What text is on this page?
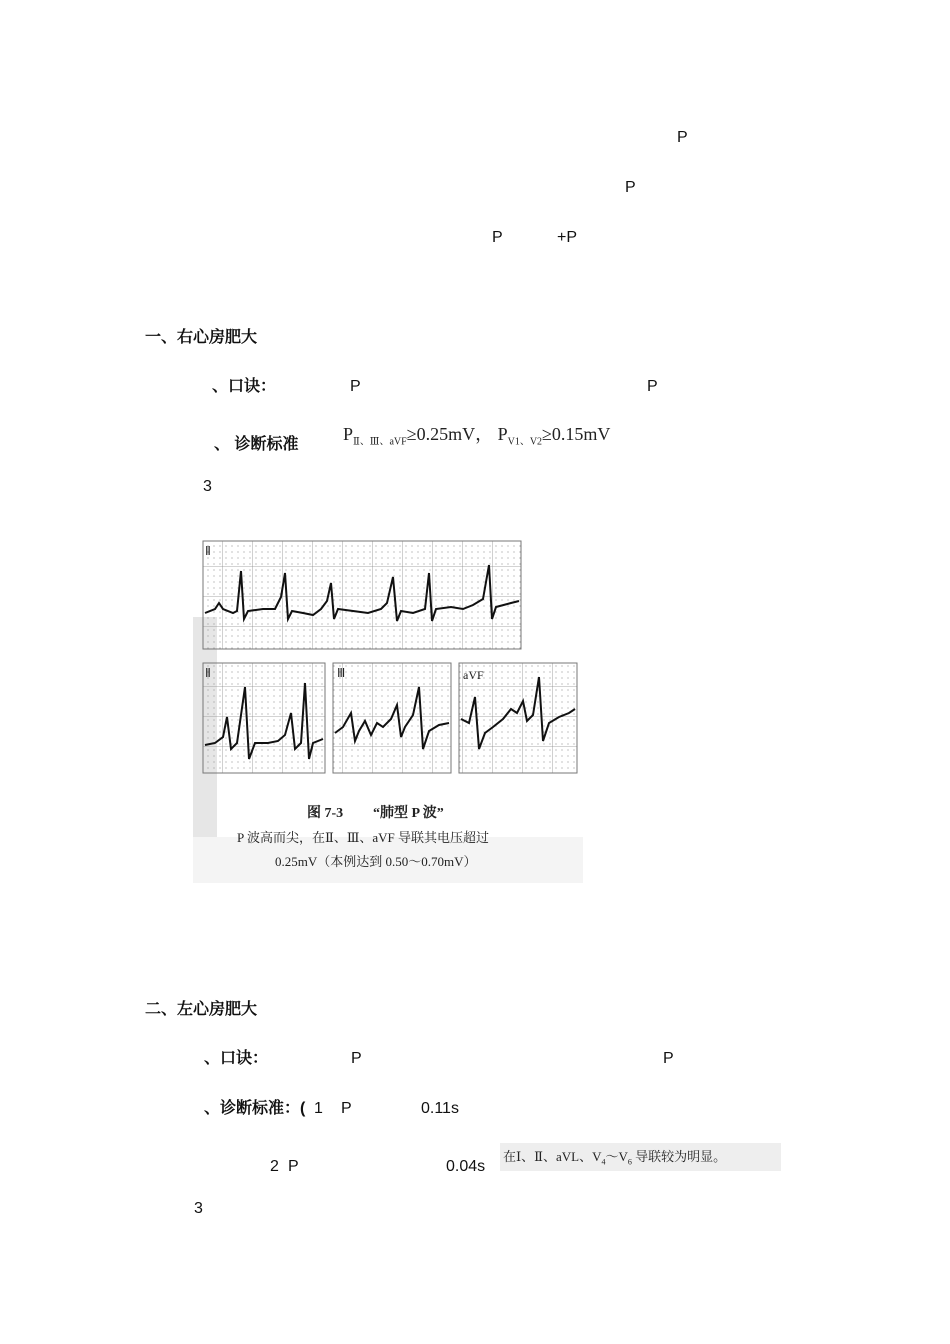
P
P
P	+P
一、右心房肥大
、口诀：	P	P
、 诊断标准
$P_{Ⅱ、Ⅲ、aVF}\ge 0.25mV$， $P_{V1、V2}\ge 0.15mV$
3
Ⅱ
Ⅱ	Ⅲ	aVF
图 7-3 “肺型 P 波”
P 波高而尖，在Ⅱ、Ⅲ、aVF 导联其电压超过
0.25mV（本例达到 0.50～0.70mV）
二、左心房肥大
、口诀：	P	P
、诊断标准：( 1 P	0.11s
2 P	0.04s
在Ⅰ、Ⅱ、aVL、$V_4\sim V_6$ 导联较为明显。
3
